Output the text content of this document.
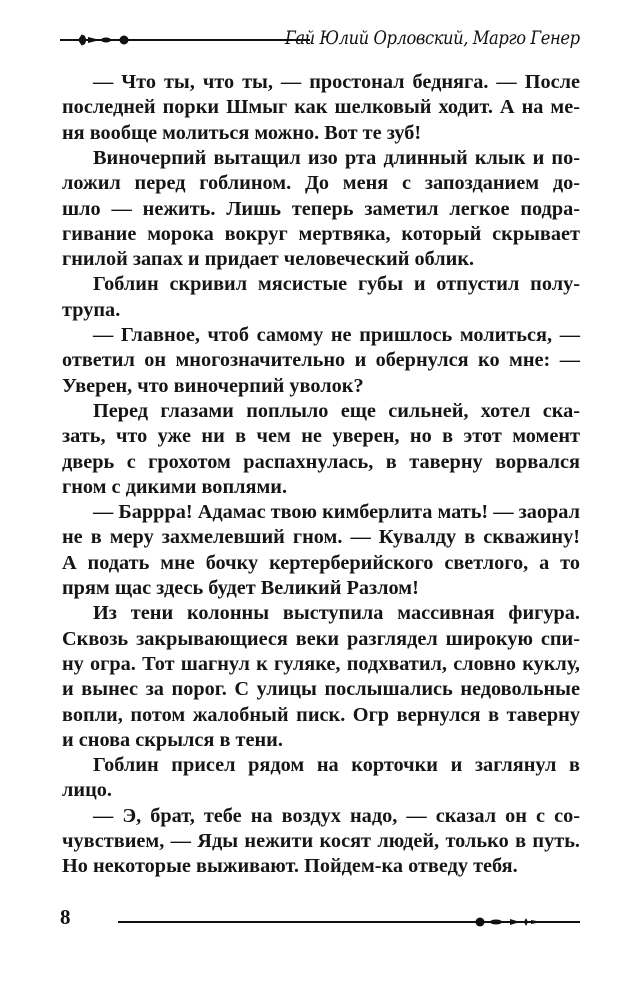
Гай Юлий Орловский, Марго Генер
— Что ты, что ты, — простонал бедняга. — После
последней порки Шмыг как шелковый ходит. А на ме-
ня вообще молиться можно. Вот те зуб!
Виночерпий вытащил изо рта длинный клык и по-
ложил перед гоблином. До меня с запозданием до-
шло — нежить. Лишь теперь заметил легкое подра-
гивание морока вокруг мертвяка, который скрывает
гнилой запах и придает человеческий облик.
Гоблин скривил мясистые губы и отпустил полу-
трупа.
— Главное, чтоб самому не пришлось молиться, —
ответил он многозначительно и обернулся ко мне: —
Уверен, что виночерпий уволок?
Перед глазами поплыло еще сильней, хотел ска-
зать, что уже ни в чем не уверен, но в этот момент
дверь с грохотом распахнулась, в таверну ворвался
гном с дикими воплями.
— Баррра! Адамас твою кимберлита мать! — заорал
не в меру захмелевший гном. — Кувалду в скважину!
А подать мне бочку кертерберийского светлого, а то
прям щас здесь будет Великий Разлом!
Из тени колонны выступила массивная фигура.
Сквозь закрывающиеся веки разглядел широкую спи-
ну огра. Тот шагнул к гуляке, подхватил, словно куклу,
и вынес за порог. С улицы послышались недовольные
вопли, потом жалобный писк. Огр вернулся в таверну
и снова скрылся в тени.
Гоблин присел рядом на корточки и заглянул в
лицо.
— Э, брат, тебе на воздух надо, — сказал он с со-
чувствием, — Яды нежити косят людей, только в путь.
Но некоторые выживают. Пойдем-ка отведу тебя.
8
